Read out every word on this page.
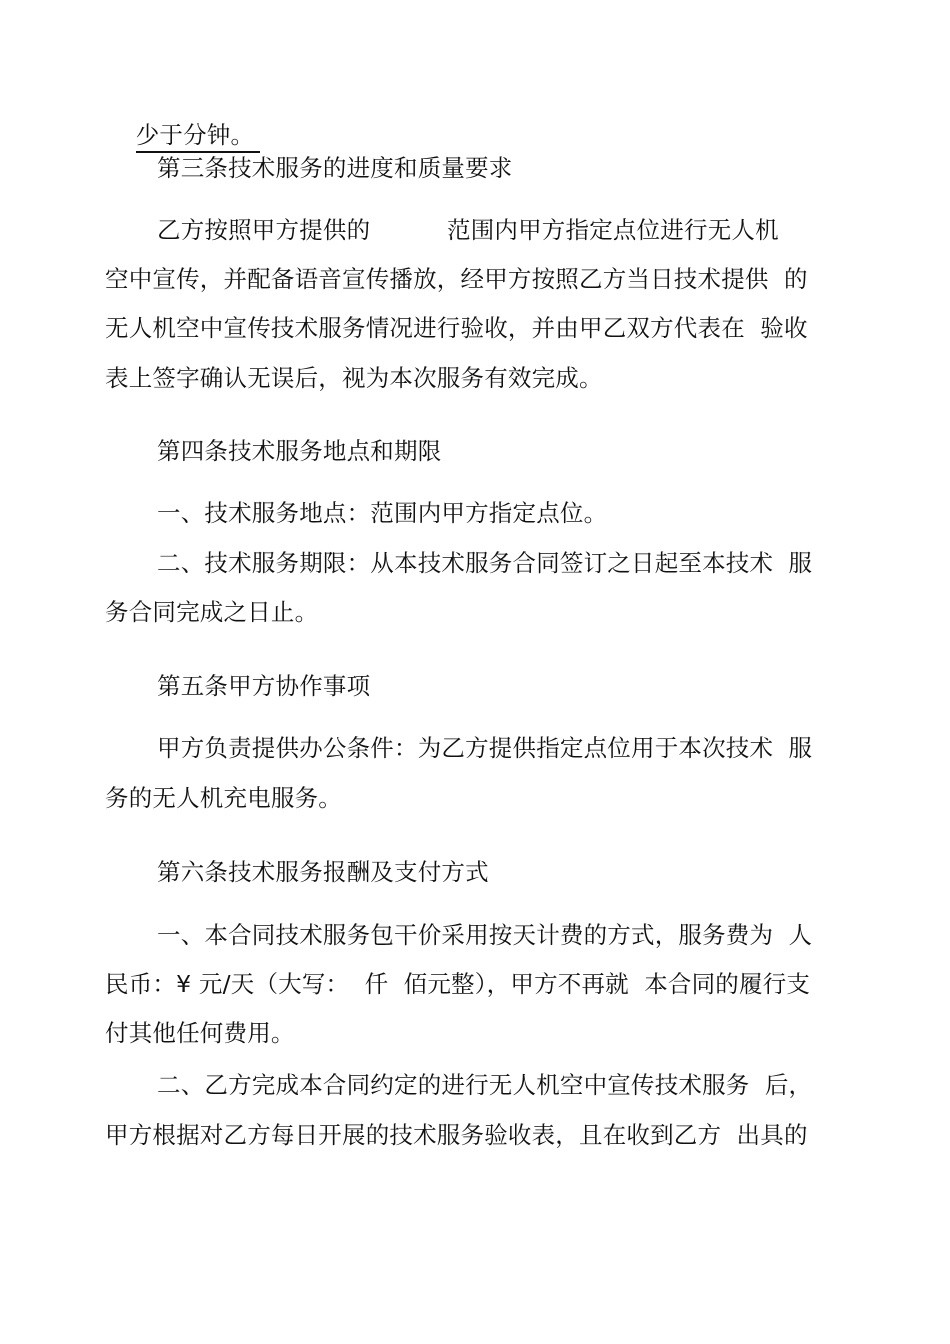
少于分钟。

第三条技术服务的进度和质量要求
乙方按照甲方提供的          范围内甲方指定点位进行无人机
空中宣传，并配备语音宣传播放，经甲方按照乙方当日技术提供  的
无人机空中宣传技术服务情况进行验收，并由甲乙双方代表在  验收
表上签字确认无误后，视为本次服务有效完成。
第四条技术服务地点和期限
一、技术服务地点：范围内甲方指定点位。
二、技术服务期限：从本技术服务合同签订之日起至本技术  服
务合同完成之日止。
第五条甲方协作事项
甲方负责提供办公条件：为乙方提供指定点位用于本次技术  服
务的无人机充电服务。
第六条技术服务报酬及支付方式
一、本合同技术服务包干价采用按天计费的方式，服务费为  人
民币：¥ 元/天（大写：  仟  佰元整），甲方不再就  本合同的履行支
付其他任何费用。
二、乙方完成本合同约定的进行无人机空中宣传技术服务  后，
甲方根据对乙方每日开展的技术服务验收表，且在收到乙方  出具的
